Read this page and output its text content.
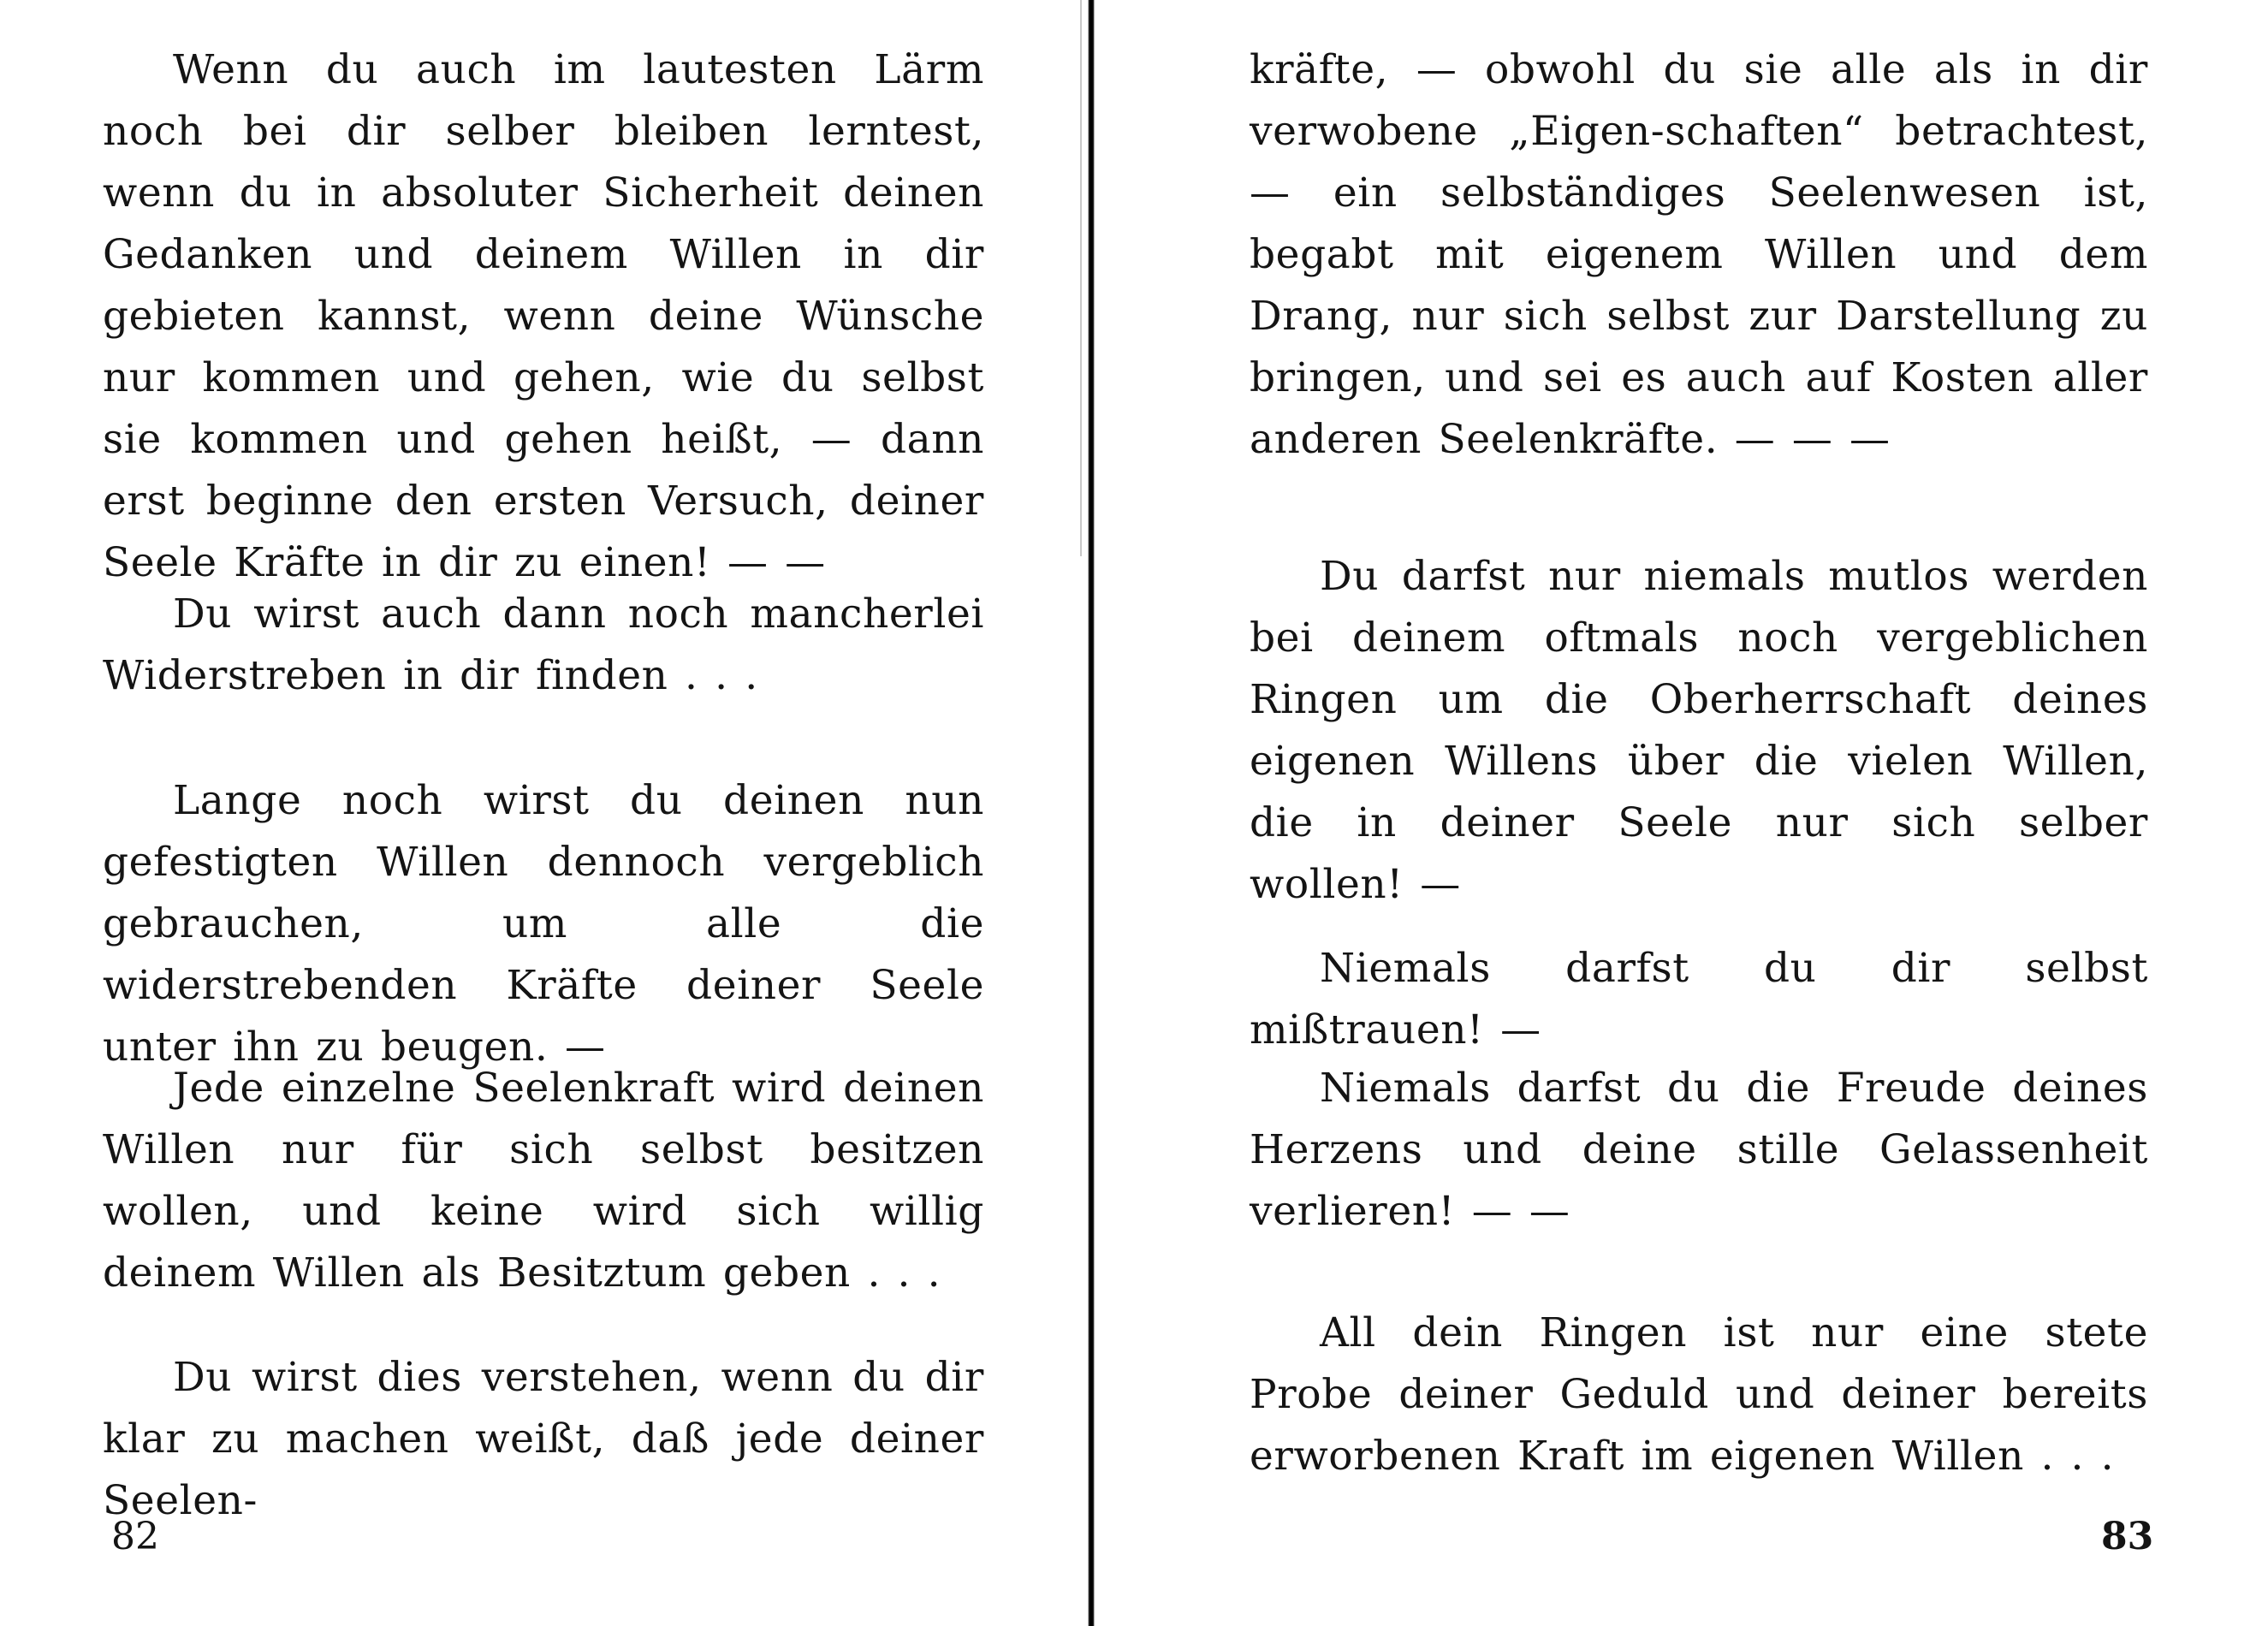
Wenn du auch im lautesten Lärm noch bei dir selber bleiben lerntest, wenn du in absoluter Sicherheit deinen Gedanken und deinem Willen in dir gebieten kannst, wenn deine Wünsche nur kommen und gehen, wie du selbst sie kommen und gehen heißt, — dann erst beginne den ersten Versuch, deiner Seele Kräfte in dir zu einen! — —

Du wirst auch dann noch mancherlei Widerstreben in dir finden . . .

Lange noch wirst du deinen nun gefestigten Willen dennoch vergeblich gebrauchen, um alle die widerstrebenden Kräfte deiner Seele unter ihn zu beugen. —

Jede einzelne Seelenkraft wird deinen Willen nur für sich selbst besitzen wollen, und keine wird sich willig deinem Willen als Besitztum geben . . .

Du wirst dies verstehen, wenn du dir klar zu machen weißt, daß jede deiner Seelen-

82

kräfte, — obwohl du sie alle als in dir verwobene „Eigen-schaften“ betrachtest, — ein selbständiges Seelenwesen ist, begabt mit eigenem Willen und dem Drang, nur sich selbst zur Darstellung zu bringen, und sei es auch auf Kosten aller anderen Seelenkräfte. — — —

Du darfst nur niemals mutlos werden bei deinem oftmals noch vergeblichen Ringen um die Oberherrschaft deines eigenen Willens über die vielen Willen, die in deiner Seele nur sich selber wollen! —

Niemals darfst du dir selbst mißtrauen! —

Niemals darfst du die Freude deines Herzens und deine stille Gelassenheit verlieren! — —

All dein Ringen ist nur eine stete Probe deiner Geduld und deiner bereits erworbenen Kraft im eigenen Willen . . .

83
